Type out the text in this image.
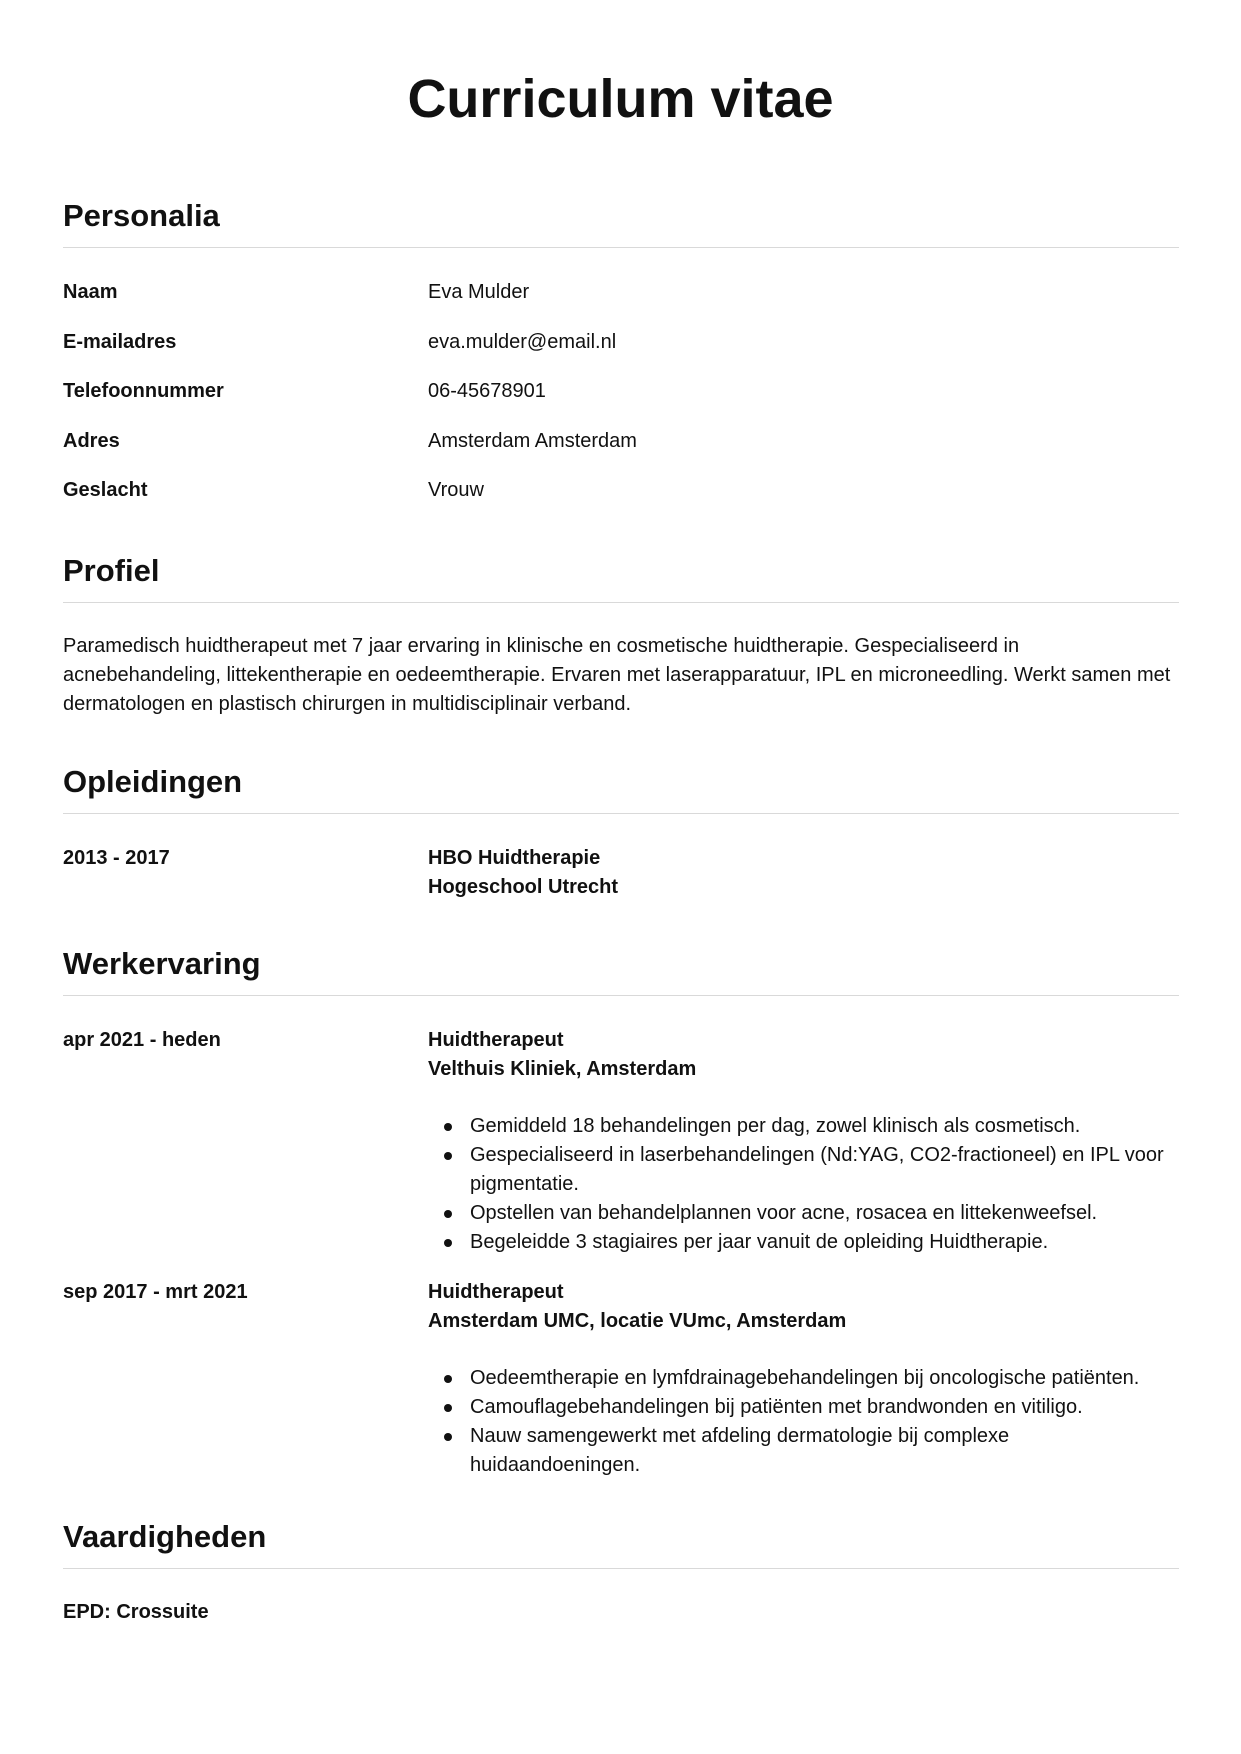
Curriculum vitae
Personalia
Naam	Eva Mulder
E-mailadres	eva.mulder@email.nl
Telefoonnummer	06-45678901
Adres	Amsterdam Amsterdam
Geslacht	Vrouw
Profiel

Paramedisch huidtherapeut met 7 jaar ervaring in klinische en cosmetische huidtherapie. Gespecialiseerd in acnebehandeling, littekentherapie en oedeemtherapie. Ervaren met laserapparatuur, IPL en microneedling. Werkt samen met dermatologen en plastisch chirurgen in multidisciplinair verband.

Opleidingen
2013 - 2017	HBO Huidtherapie
Hogeschool Utrecht
Werkervaring
apr 2021 - heden	Huidtherapeut
Velthuis Kliniek, Amsterdam
Gemiddeld 18 behandelingen per dag, zowel klinisch als cosmetisch.
Gespecialiseerd in laserbehandelingen (Nd:YAG, CO2-fractioneel) en IPL voor pigmentatie.
Opstellen van behandelplannen voor acne, rosacea en littekenweefsel.
Begeleidde 3 stagiaires per jaar vanuit de opleiding Huidtherapie.
sep 2017 - mrt 2021	Huidtherapeut
Amsterdam UMC, locatie VUmc, Amsterdam
Oedeemtherapie en lymfdrainagebehandelingen bij oncologische patiënten.
Camouflagebehandelingen bij patiënten met brandwonden en vitiligo.
Nauw samengewerkt met afdeling dermatologie bij complexe huidaandoeningen.
Vaardigheden
EPD: Crossuite
